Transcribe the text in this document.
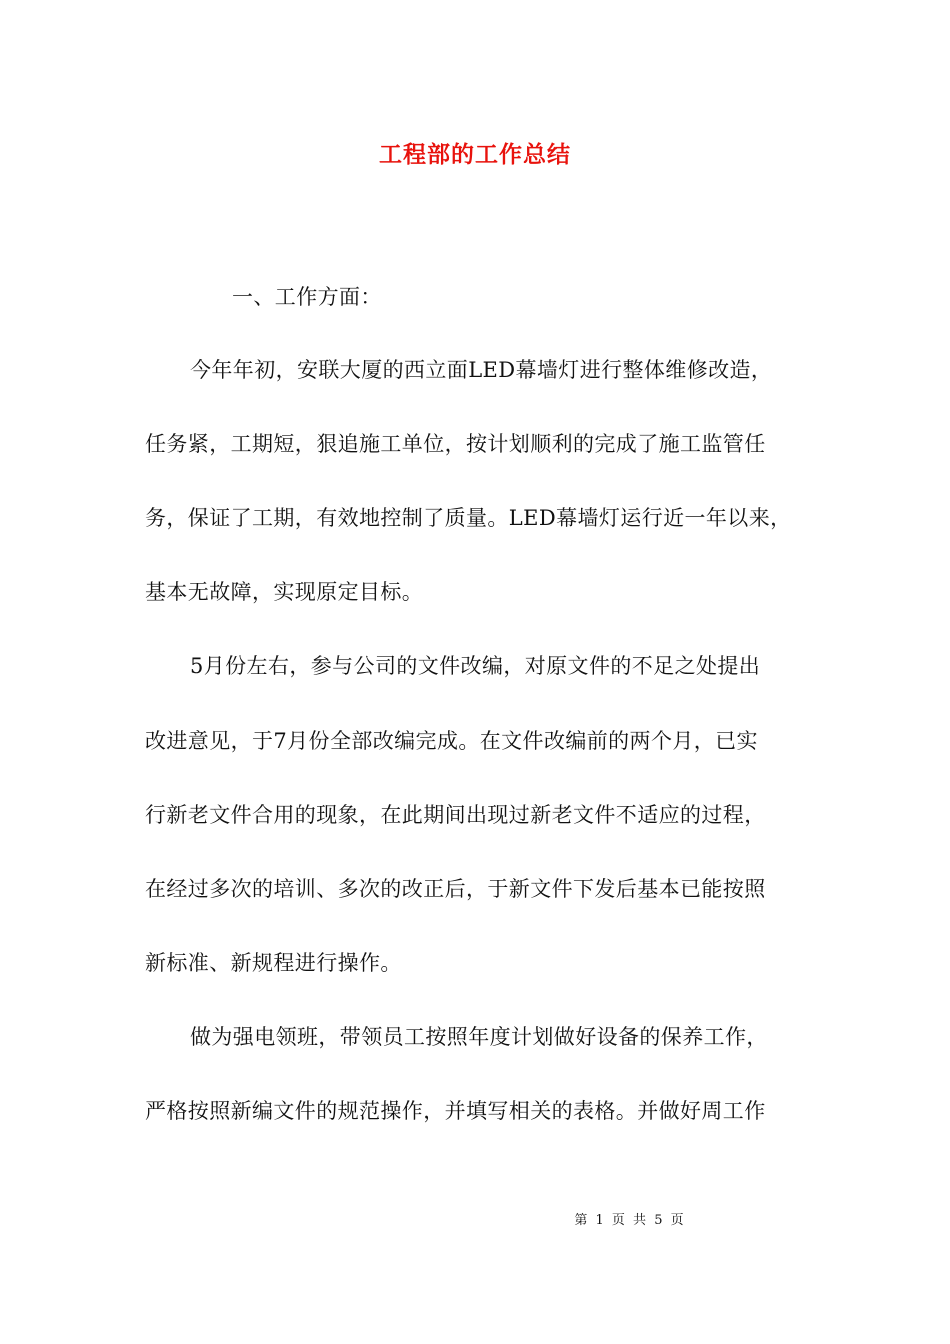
工程部的工作总结
一、工作方面：
今年年初，安联大厦的西立面LED幕墙灯进行整体维修改造，
任务紧，工期短，狠追施工单位，按计划顺利的完成了施工监管任
务，保证了工期，有效地控制了质量。LED幕墙灯运行近一年以来，
基本无故障，实现原定目标。
5月份左右，参与公司的文件改编，对原文件的不足之处提出
改进意见，于7月份全部改编完成。在文件改编前的两个月，已实
行新老文件合用的现象，在此期间出现过新老文件不适应的过程，
在经过多次的培训、多次的改正后，于新文件下发后基本已能按照
新标准、新规程进行操作。
做为强电领班，带领员工按照年度计划做好设备的保养工作，
严格按照新编文件的规范操作，并填写相关的表格。并做好周工作
第 1 页 共 5 页
